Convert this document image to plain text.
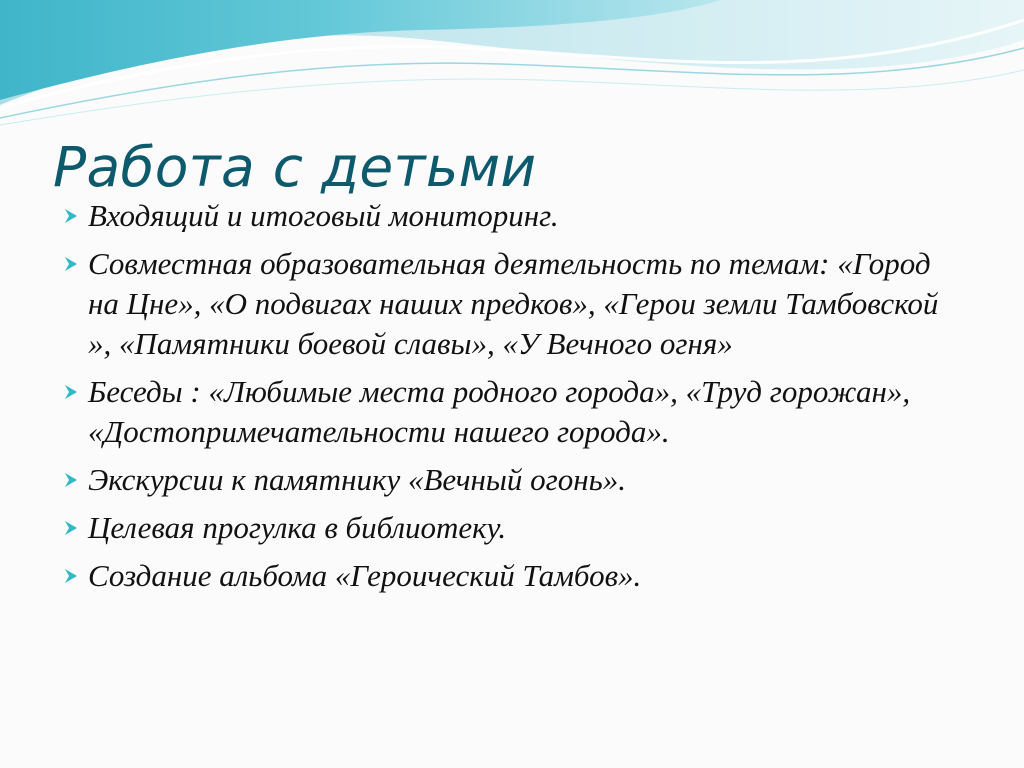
Работа с детьми
Входящий и итоговый мониторинг.
Совместная образовательная деятельность по темам: «Город на Цне», «О подвигах наших предков», «Герои земли Тамбовской », «Памятники боевой славы», «У Вечного огня»
Беседы : «Любимые места родного города», «Труд горожан», «Достопримечательности нашего города».
Экскурсии к памятнику «Вечный огонь».
Целевая прогулка в библиотеку.
Создание альбома «Героический Тамбов».
